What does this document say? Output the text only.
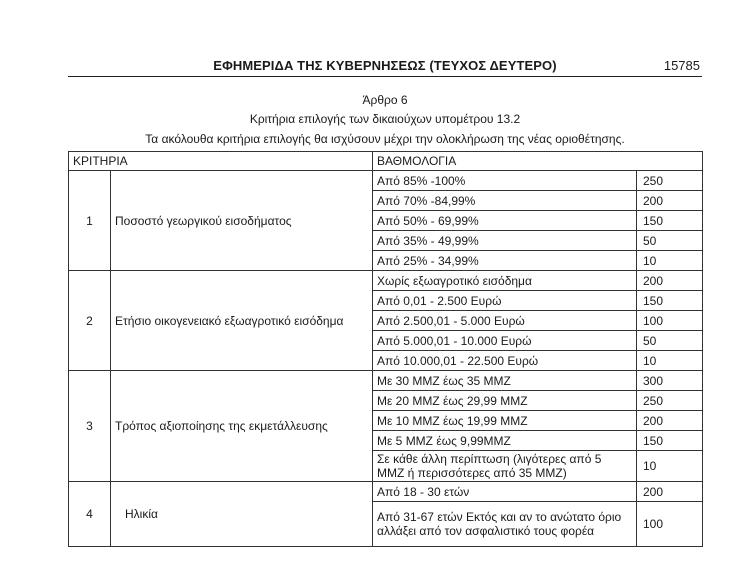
ΕΦΗΜΕΡΙΔΑ ΤΗΣ ΚΥΒΕΡΝΗΣΕΩΣ (ΤΕΥΧΟΣ ΔΕΥΤΕΡΟ)	15785
Άρθρο 6
Κριτήρια επιλογής των δικαιούχων υπομέτρου 13.2
Τα ακόλουθα κριτήρια επιλογής θα ισχύσουν μέχρι την ολοκλήρωση της νέας οριοθέτησης.
ΚΡΙΤΗΡΙΑ		ΒΑΘΜΟΛΟΓΙΑ	
1	Ποσοστό γεωργικού εισοδήματος	Από 85% -100%	250
		Από 70% -84,99%	200
		Από 50% - 69,99%	150
		Από 35% - 49,99%	50
		Από 25% - 34,99%	10
2	Ετήσιο οικογενειακό εξωαγροτικό εισόδημα	Χωρίς εξωαγροτικό εισόδημα	200
		Από 0,01 - 2.500 Ευρώ	150
		Από 2.500,01 - 5.000 Ευρώ	100
		Από 5.000,01 - 10.000 Ευρώ	50
		Από 10.000,01 - 22.500 Ευρώ	10
3	Τρόπος αξιοποίησης της εκμετάλλευσης	Με 30 ΜΜΖ έως 35 ΜΜΖ	300
		Με 20 ΜΜΖ έως 29,99 ΜΜΖ	250
		Με 10 ΜΜΖ έως 19,99 ΜΜΖ	200
		Με 5 ΜΜΖ έως 9,99ΜΜΖ	150
		Σε κάθε άλλη περίπτωση (λιγότερες από 5 ΜΜΖ ή περισσότερες από 35 ΜΜΖ)	10
4	Ηλικία	Από 18 - 30 ετών	200
		Από 31-67 ετών Εκτός και αν το ανώτατο όριο αλλάξει από τον ασφαλιστικό τους φορέα	100
